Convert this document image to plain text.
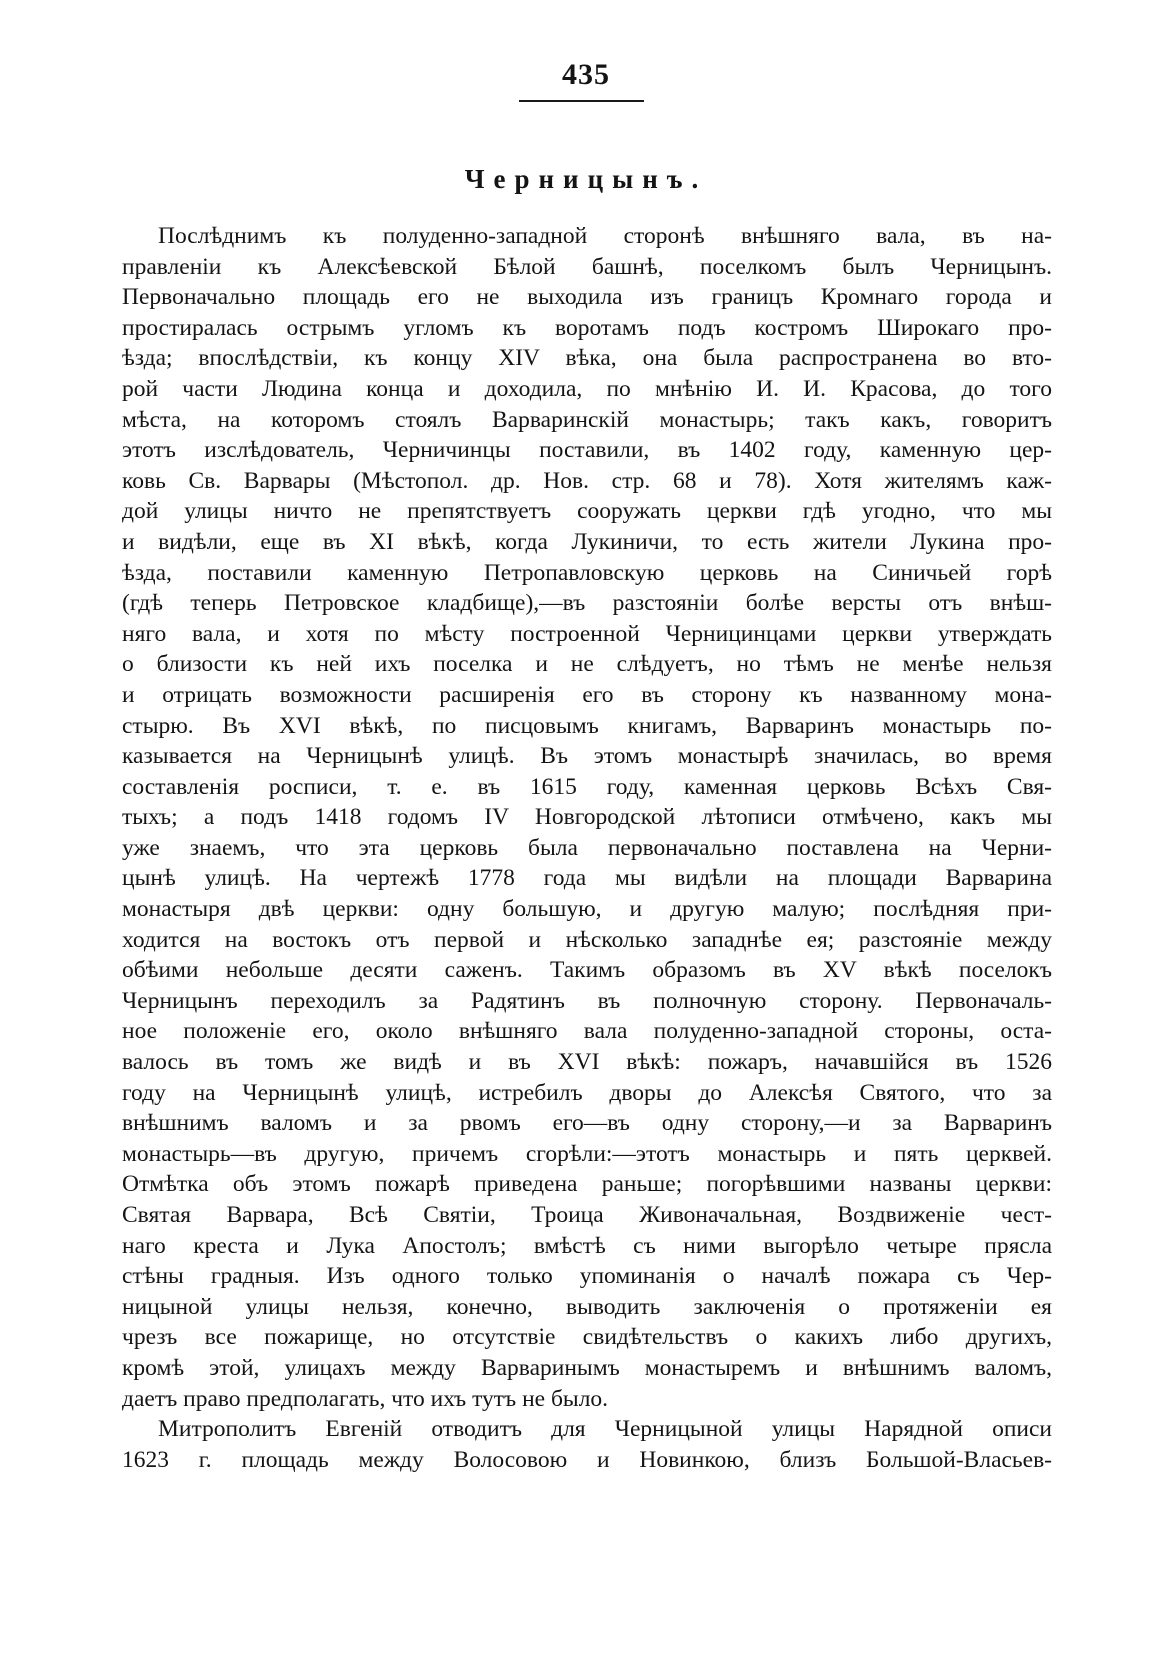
435
Черницынъ.
Послѣднимъ къ полуденно-западной сторонѣ внѣшняго вала, въ на-
правленіи къ Алексѣевской Бѣлой башнѣ, поселкомъ былъ Черницынъ.
Первоначально площадь его не выходила изъ границъ Кромнаго города и
простиралась острымъ угломъ къ воротамъ подъ костромъ Широкаго про-
ѣзда; впослѣдствіи, къ концу XIV вѣка, она была распространена во вто-
рой части Людина конца и доходила, по мнѣнію И. И. Красова, до того
мѣста, на которомъ стоялъ Варваринскій монастырь; такъ какъ, говоритъ
этотъ изслѣдователь, Черничинцы поставили, въ 1402 году, каменную цер-
ковь Св. Варвары (Мѣстопол. др. Нов. стр. 68 и 78). Хотя жителямъ каж-
дой улицы ничто не препятствуетъ сооружать церкви гдѣ угодно, что мы
и видѣли, еще въ XI вѣкѣ, когда Лукиничи, то есть жители Лукина про-
ѣзда, поставили каменную Петропавловскую церковь на Синичьей горѣ
(гдѣ теперь Петровское кладбище),—въ разстояніи болѣе версты отъ внѣш-
няго вала, и хотя по мѣсту построенной Черницинцами церкви утверждать
о близости къ ней ихъ поселка и не слѣдуетъ, но тѣмъ не менѣе нельзя
и отрицать возможности расширенія его въ сторону къ названному мона-
стырю. Въ XVI вѣкѣ, по писцовымъ книгамъ, Варваринъ монастырь по-
казывается на Черницынѣ улицѣ. Въ этомъ монастырѣ значилась, во время
составленія росписи, т. е. въ 1615 году, каменная церковь Всѣхъ Свя-
тыхъ; а подъ 1418 годомъ IV Новгородской лѣтописи отмѣчено, какъ мы
уже знаемъ, что эта церковь была первоначально поставлена на Черни-
цынѣ улицѣ. На чертежѣ 1778 года мы видѣли на площади Варварина
монастыря двѣ церкви: одну большую, и другую малую; послѣдняя при-
ходится на востокъ отъ первой и нѣсколько западнѣе ея; разстояніе между
обѣими небольше десяти саженъ. Такимъ образомъ въ XV вѣкѣ поселокъ
Черницынъ переходилъ за Радятинъ въ полночную сторону. Первоначаль-
ное положеніе его, около внѣшняго вала полуденно-западной стороны, оста-
валось въ томъ же видѣ и въ XVI вѣкѣ: пожаръ, начавшійся въ 1526
году на Черницынѣ улицѣ, истребилъ дворы до Алексѣя Святого, что за
внѣшнимъ валомъ и за рвомъ его—въ одну сторону,—и за Варваринъ
монастырь—въ другую, причемъ сгорѣли:—этотъ монастырь и пять церквей.
Отмѣтка объ этомъ пожарѣ приведена раньше; погорѣвшими названы церкви:
Святая Варвара, Всѣ Святіи, Троица Живоначальная, Воздвиженіе чест-
наго креста и Лука Апостолъ; вмѣстѣ съ ними выгорѣло четыре прясла
стѣны градныя. Изъ одного только упоминанія о началѣ пожара съ Чер-
ницыной улицы нельзя, конечно, выводить заключенія о протяженіи ея
чрезъ все пожарище, но отсутствіе свидѣтельствъ о какихъ либо другихъ,
кромѣ этой, улицахъ между Варваринымъ монастыремъ и внѣшнимъ валомъ,
даетъ право предполагать, что ихъ тутъ не было.
Митрополитъ Евгеній отводитъ для Черницыной улицы Нарядной описи
1623 г. площадь между Волосовою и Новинкою, близъ Большой-Власьев-
